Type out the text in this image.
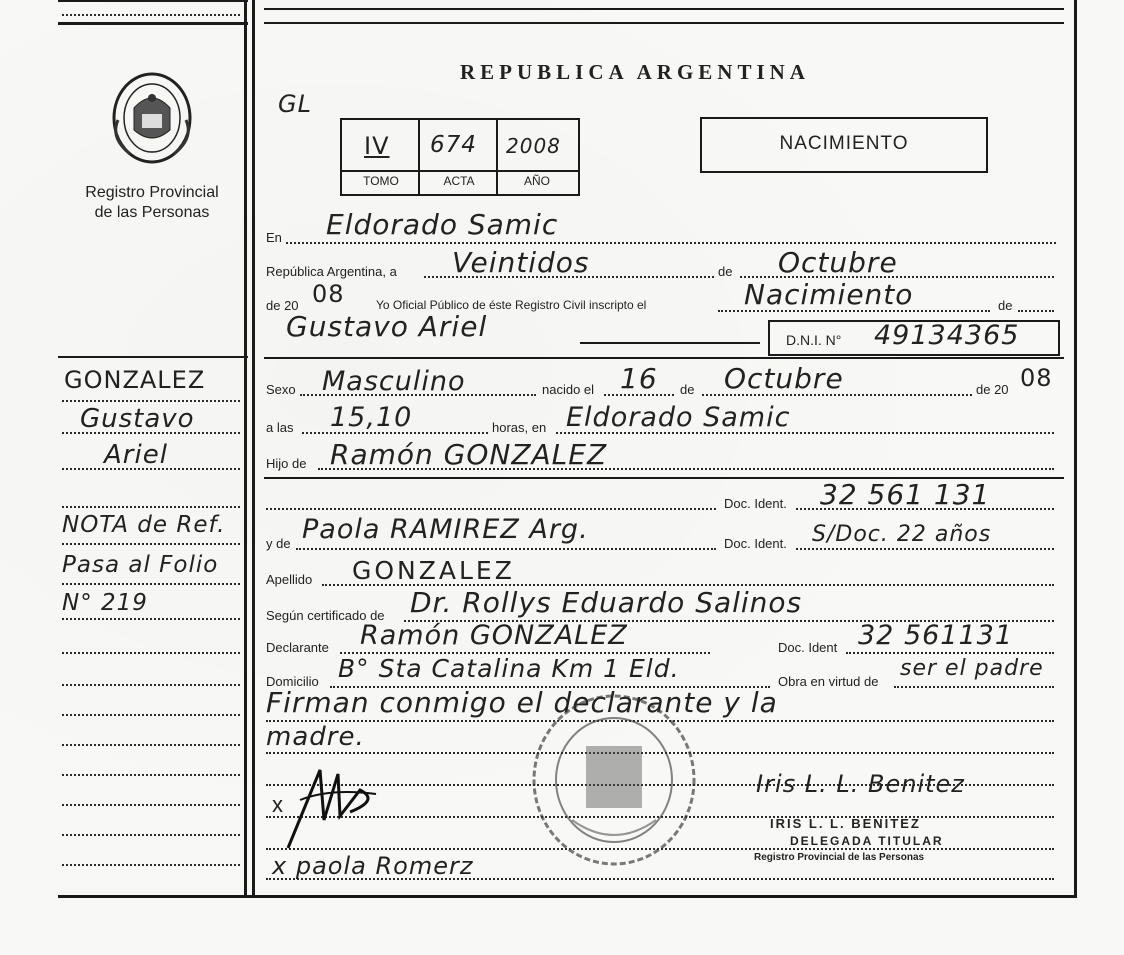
Registro Provincial
de las Personas
GONZALEZ
Gustavo
Ariel
NOTA de Ref.
Pasa al Folio
N° 219
REPUBLICA ARGENTINA
GL
IV 674 2008
TOMO	ACTA	AÑO
NACIMIENTO
En Eldorado Samic
República Argentina, a Veintidos	de Octubre
de 20 08	Yo Oficial Público de éste Registro Civil inscripto el	Nacimiento	de
Gustavo Ariel	D.N.I. N° 49134365
Sexo Masculino	nacido el 16 de Octubre	de 20 08
a las 15,10	horas, en Eldorado Samic
Hijo de Ramón GONZALEZ
Doc. Ident. 32 561 131
y de Paola RAMIREZ Arg.	Doc. Ident. S/Doc. 22 años
Apellido GONZALEZ
Según certificado de Dr. Rollys Eduardo Salinos
Declarante Ramón GONZALEZ	Doc. Ident 32 561131
Domicilio B° Sta Catalina Km 1 Eld.	Obra en virtud de
ser el padre
Firman conmigo el declarante y la
madre.
x
x paola Romerz
Iris L. L. Benitez
IRIS L. L. BENITEZ
DELEGADA TITULAR
Registro Provincial de las Personas
